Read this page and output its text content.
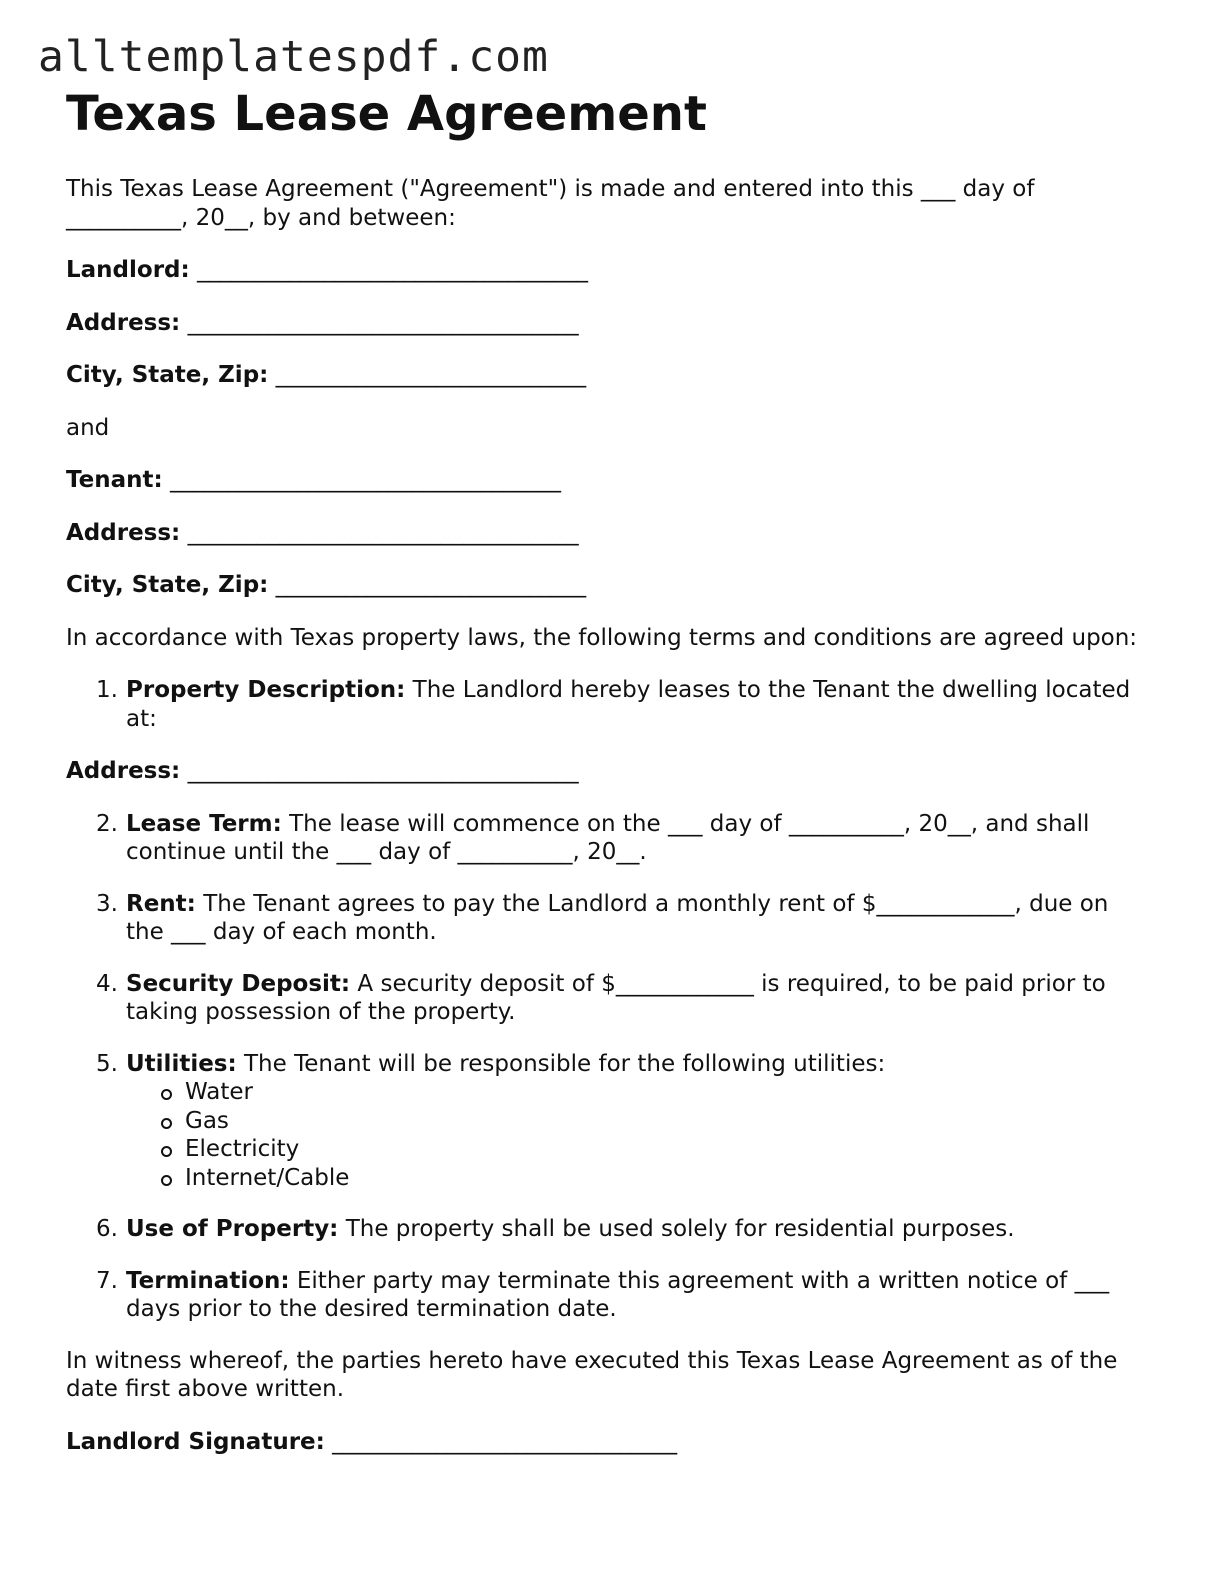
alltemplatespdf.com
Texas Lease Agreement

This Texas Lease Agreement ("Agreement") is made and entered into this ___ day of __________, 20__, by and between:

Landlord: __________________________________

Address: __________________________________

City, State, Zip: ___________________________

and

Tenant: __________________________________

Address: __________________________________

City, State, Zip: ___________________________

In accordance with Texas property laws, the following terms and conditions are agreed upon:

1. Property Description: The Landlord hereby leases to the Tenant the dwelling located at:

Address: __________________________________

2. Lease Term: The lease will commence on the ___ day of __________, 20__, and shall continue until the ___ day of __________, 20__.
3. Rent: The Tenant agrees to pay the Landlord a monthly rent of $____________, due on the ___ day of each month.
4. Security Deposit: A security deposit of $____________ is required, to be paid prior to taking possession of the property.
5. Utilities: The Tenant will be responsible for the following utilities:
Water
Gas
Electricity
Internet/Cable
6. Use of Property: The property shall be used solely for residential purposes.
7. Termination: Either party may terminate this agreement with a written notice of ___ days prior to the desired termination date.

In witness whereof, the parties hereto have executed this Texas Lease Agreement as of the date first above written.

Landlord Signature: ______________________________
